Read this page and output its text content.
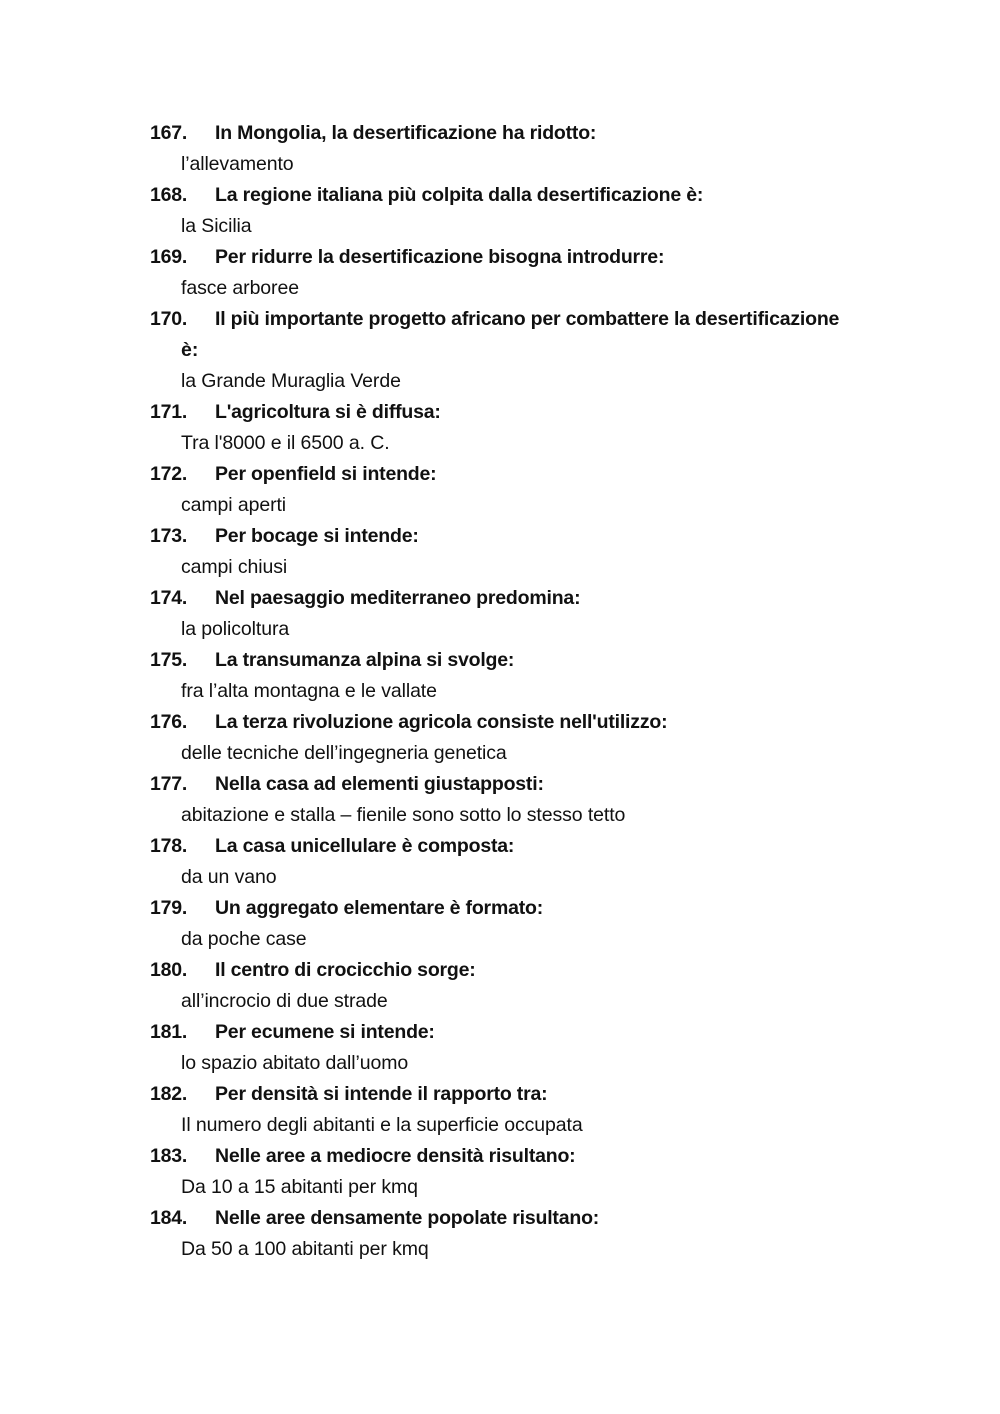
167.	In Mongolia, la desertificazione ha ridotto:
l’allevamento
168.	La regione italiana più colpita dalla desertificazione è:
la Sicilia
169.	Per ridurre la desertificazione bisogna introdurre:
fasce arboree
170.	Il più importante progetto africano per combattere la desertificazione
è:
la Grande Muraglia Verde
171.	L'agricoltura si è diffusa:
Tra l'8000 e il 6500 a. C.
172.	Per openfield si intende:
campi aperti
173.	Per bocage si intende:
campi chiusi
174.	Nel paesaggio mediterraneo predomina:
la policoltura
175.	La transumanza alpina si svolge:
fra l’alta montagna e le vallate
176.	La terza rivoluzione agricola consiste nell'utilizzo:
delle tecniche dell’ingegneria genetica
177.	Nella casa ad elementi giustapposti:
abitazione e stalla – fienile sono sotto lo stesso tetto
178.	La casa unicellulare è composta:
da un vano
179.	Un aggregato elementare è formato:
da poche case
180.	Il centro di crocicchio sorge:
all’incrocio di due strade
181.	Per ecumene si intende:
lo spazio abitato dall’uomo
182.	Per densità si intende il rapporto tra:
Il numero degli abitanti e la superficie occupata
183.	Nelle aree a mediocre densità risultano:
Da 10 a 15 abitanti per kmq
184.	Nelle aree densamente popolate risultano:
Da 50 a 100 abitanti per kmq
